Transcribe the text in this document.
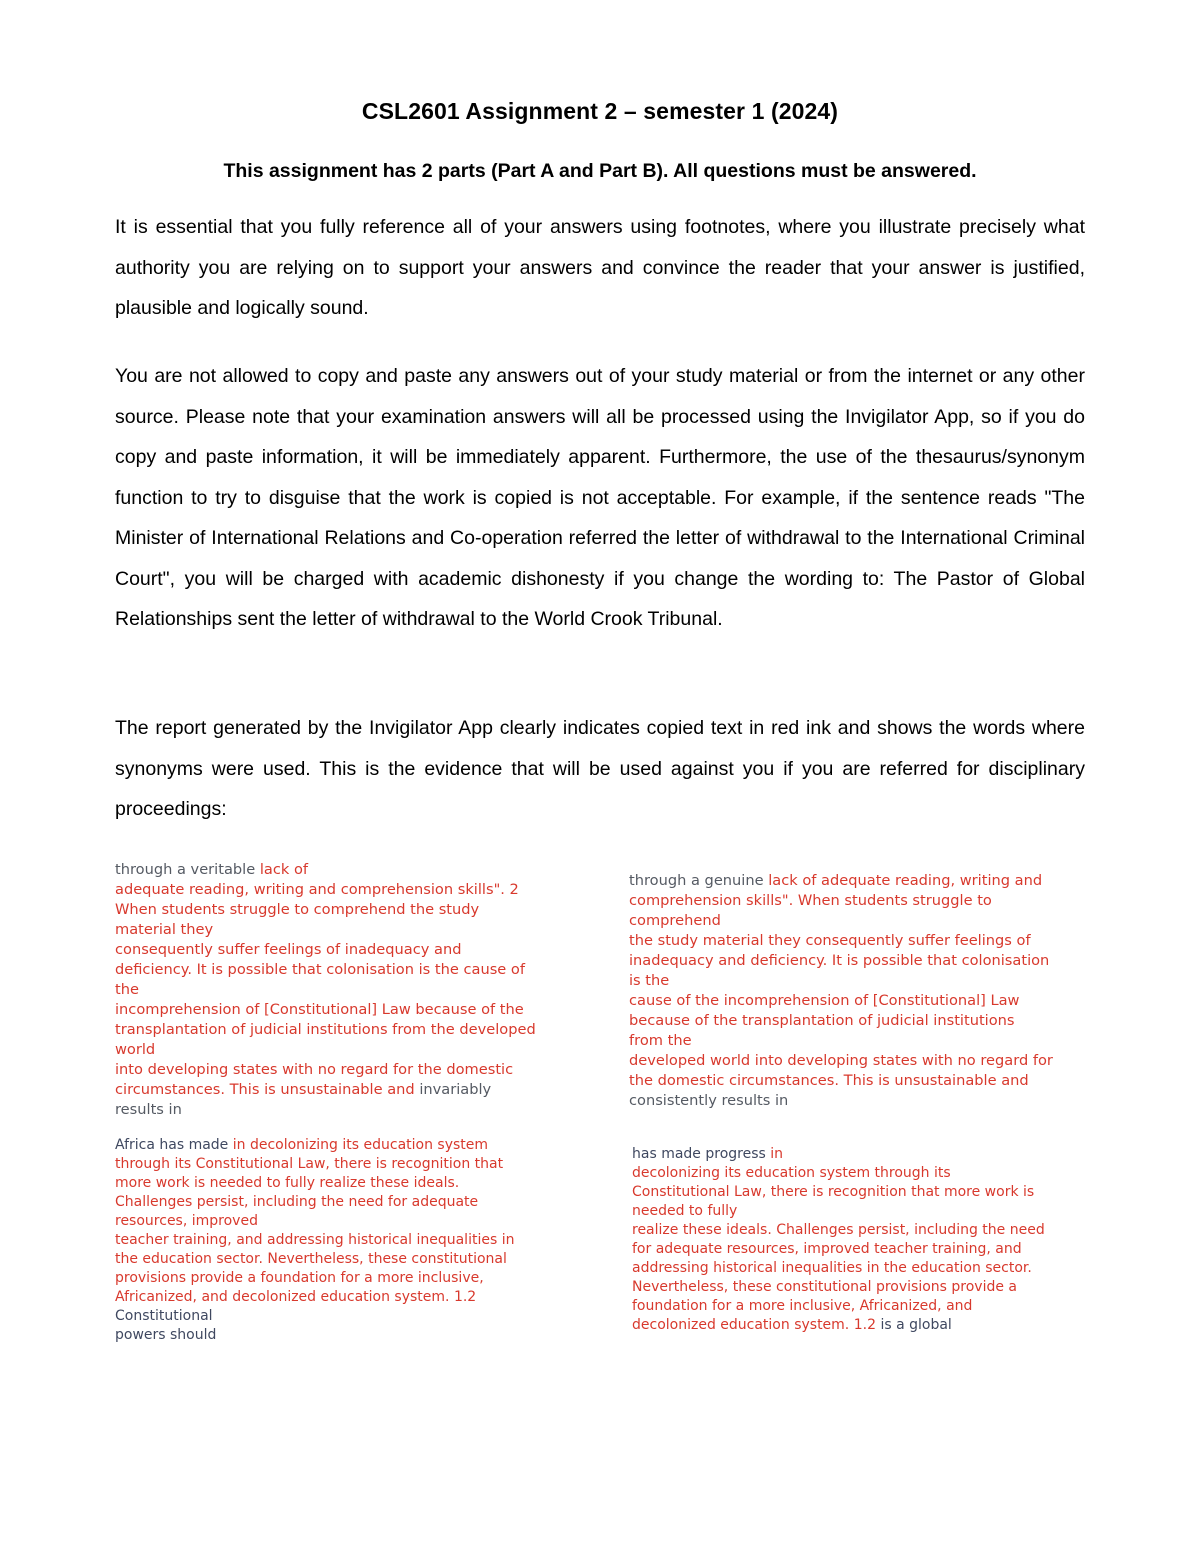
CSL2601 Assignment 2 – semester 1 (2024)
This assignment has 2 parts (Part A and Part B). All questions must be answered.

It is essential that you fully reference all of your answers using footnotes, where you illustrate precisely what authority you are relying on to support your answers and convince the reader that your answer is justified, plausible and logically sound.

You are not allowed to copy and paste any answers out of your study material or from the internet or any other source. Please note that your examination answers will all be processed using the Invigilator App, so if you do copy and paste information, it will be immediately apparent. Furthermore, the use of the thesaurus/synonym function to try to disguise that the work is copied is not acceptable. For example, if the sentence reads "The Minister of International Relations and Co-operation referred the letter of withdrawal to the International Criminal Court", you will be charged with academic dishonesty if you change the wording to: The Pastor of Global Relationships sent the letter of withdrawal to the World Crook Tribunal.

The report generated by the Invigilator App clearly indicates copied text in red ink and shows the words where synonyms were used. This is the evidence that will be used against you if you are referred for disciplinary proceedings:

through a veritable lack of
adequate reading, writing and comprehension skills". 2
When students struggle to comprehend the study
material they
consequently suffer feelings of inadequacy and
deficiency. It is possible that colonisation is the cause of
the
incomprehension of [Constitutional] Law because of the
transplantation of judicial institutions from the developed
world
into developing states with no regard for the domestic
circumstances. This is unsustainable and invariably
results in
through a genuine lack of adequate reading, writing and
comprehension skills". When students struggle to
comprehend
the study material they consequently suffer feelings of
inadequacy and deficiency. It is possible that colonisation
is the
cause of the incomprehension of [Constitutional] Law
because of the transplantation of judicial institutions
from the
developed world into developing states with no regard for
the domestic circumstances. This is unsustainable and
consistently results in
Africa has made in decolonizing its education system
through its Constitutional Law, there is recognition that
more work is needed to fully realize these ideals.
Challenges persist, including the need for adequate
resources, improved
teacher training, and addressing historical inequalities in
the education sector. Nevertheless, these constitutional
provisions provide a foundation for a more inclusive,
Africanized, and decolonized education system. 1.2
Constitutional
powers should
has made progress in
decolonizing its education system through its
Constitutional Law, there is recognition that more work is
needed to fully
realize these ideals. Challenges persist, including the need
for adequate resources, improved teacher training, and
addressing historical inequalities in the education sector.
Nevertheless, these constitutional provisions provide a
foundation for a more inclusive, Africanized, and
decolonized education system. 1.2 is a global
